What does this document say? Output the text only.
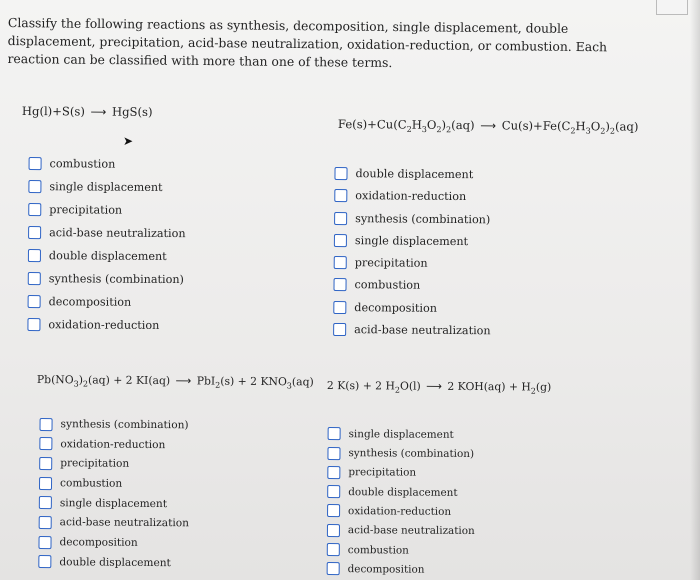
Classify the following reactions as synthesis, decomposition, single displacement, double displacement, precipitation, acid-base neutralization, oxidation-reduction, or combustion. Each reaction can be classified with more than one of these terms.

Hg(l)+S(s) ⟶ HgS(s)
combustion
single displacement
precipitation
acid-base neutralization
double displacement
synthesis (combination)
decomposition
oxidation-reduction
➤
$Fe(s)+Cu(C_2H_3O_2)_2(aq)$ ⟶ $Cu(s)+Fe(C_2H_3O_2)_2(aq)$
double displacement
oxidation-reduction
synthesis (combination)
single displacement
precipitation
combustion
decomposition
acid-base neutralization
$Pb(NO_3)_2(aq) + 2$ KI(aq) ⟶ PbI$_2$(s) + 2 $KNO_3(aq)$
synthesis (combination)
oxidation-reduction
precipitation
combustion
single displacement
acid-base neutralization
decomposition
double displacement
2 K(s) + 2 $H_2O(l)$ ⟶ 2 $KOH(aq) + H_2(g)$
single displacement
synthesis (combination)
precipitation
double displacement
oxidation-reduction
acid-base neutralization
combustion
decomposition
